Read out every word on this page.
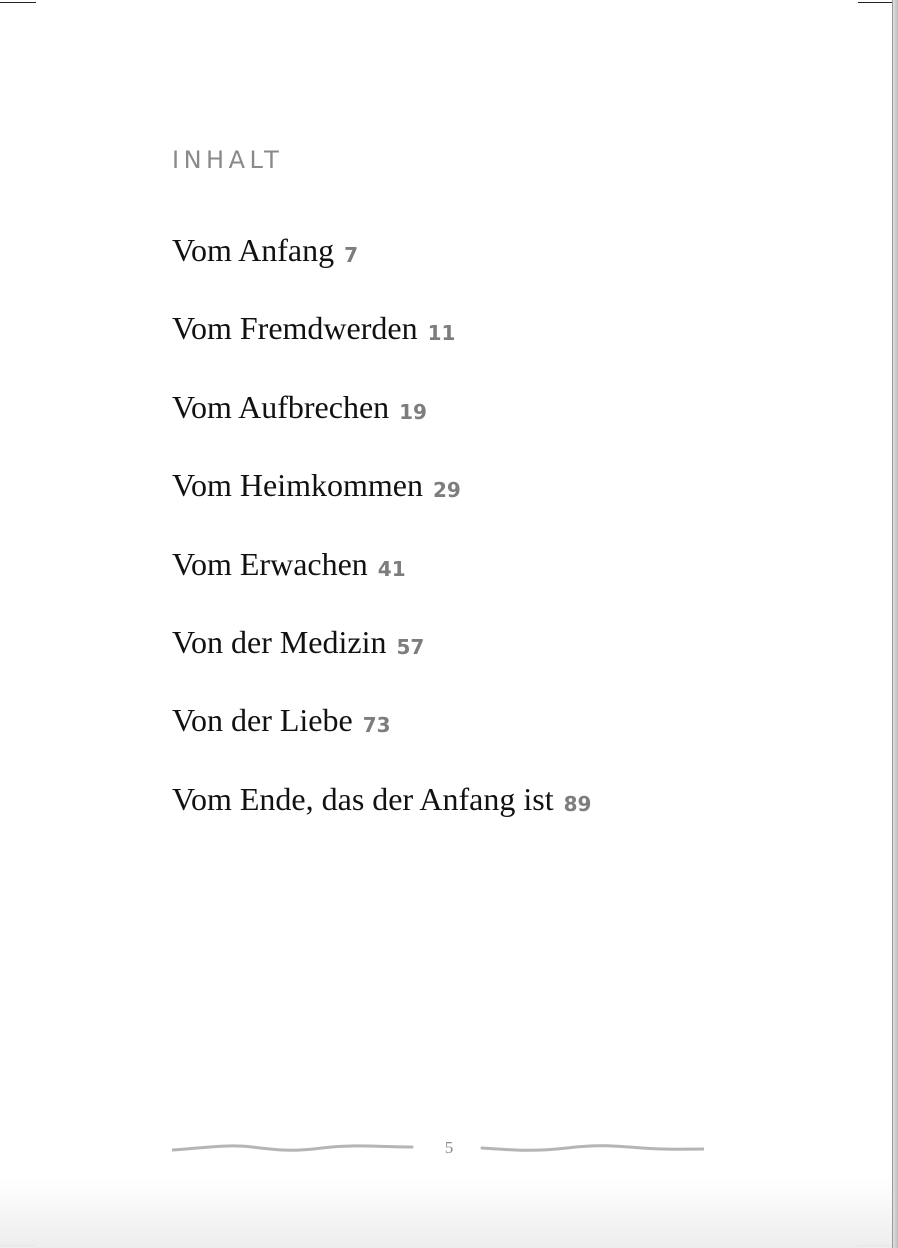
INHALT
Vom Anfang 7
Vom Fremdwerden 11
Vom Aufbrechen 19
Vom Heimkommen 29
Vom Erwachen 41
Von der Medizin 57
Von der Liebe 73
Vom Ende, das der Anfang ist 89
5
